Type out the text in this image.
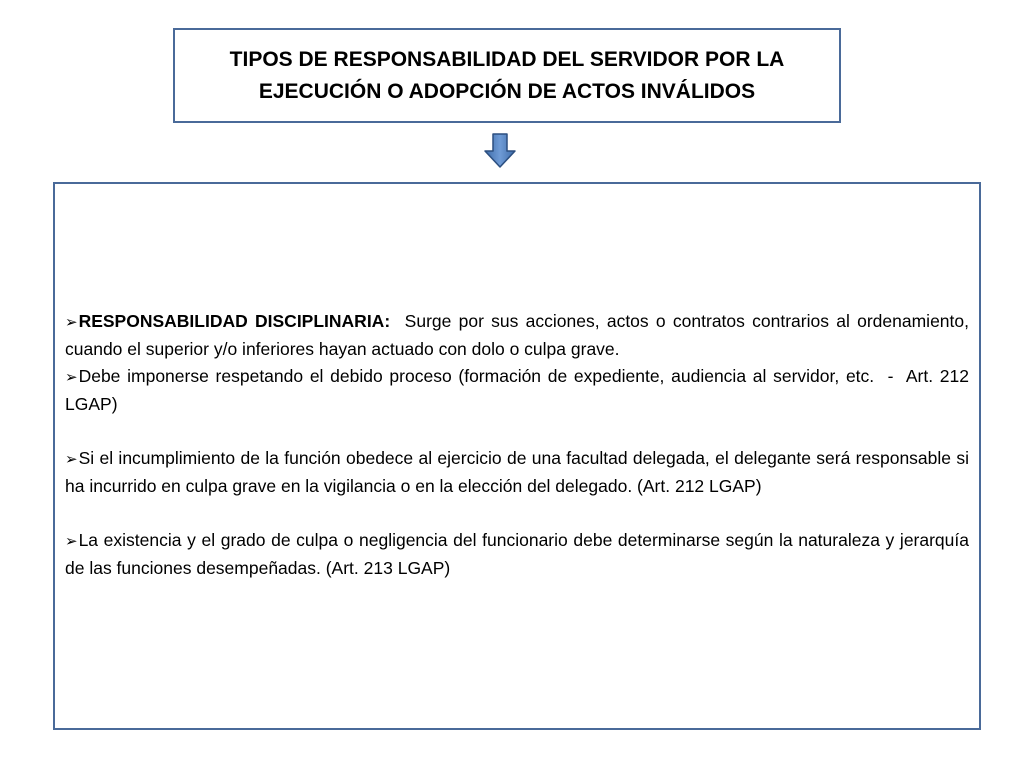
TIPOS DE RESPONSABILIDAD DEL SERVIDOR POR LA
EJECUCIÓN O ADOPCIÓN DE ACTOS INVÁLIDOS

➢RESPONSABILIDAD DISCIPLINARIA:  Surge por sus acciones, actos o contratos contrarios al ordenamiento, cuando el superior y/o inferiores hayan actuado con dolo o culpa grave.

➢Debe imponerse respetando el debido proceso (formación de expediente, audiencia al servidor, etc.  -  Art. 212 LGAP)

➢Si el incumplimiento de la función obedece al ejercicio de una facultad delegada, el delegante será responsable si ha incurrido en culpa grave en la vigilancia o en la elección del delegado. (Art. 212 LGAP)

➢La existencia y el grado de culpa o negligencia del funcionario debe determinarse según la naturaleza y jerarquía de las funciones desempeñadas. (Art. 213 LGAP)
